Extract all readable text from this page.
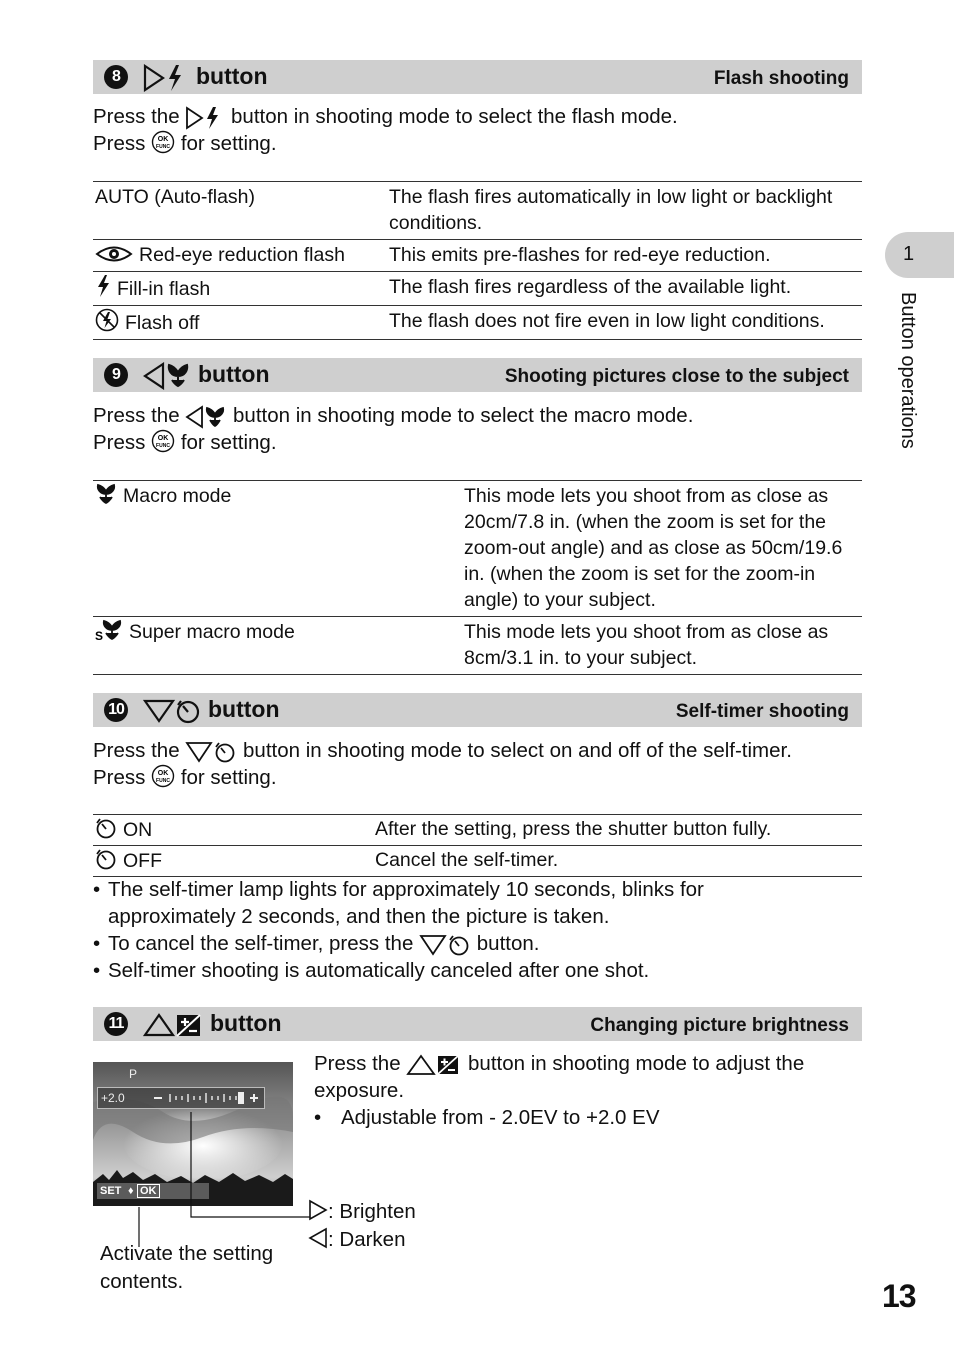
1
Button operations
13
8	button	Flash shooting
Press the	button in shooting mode to select the flash mode.
Press OK
FUNC for setting.
AUTO (Auto-flash)	The flash fires automatically in low light or backlight
conditions.

Red-eye reduction flash	This emits pre-flashes for red-eye reduction.

Fill-in flash	The flash fires regardless of the available light.

Flash off	The flash does not fire even in low light conditions.
9	button	Shooting pictures close to the subject
Press the	button in shooting mode to select the macro mode.
Press OK
FUNC for setting.
Macro mode	This mode lets you shoot from as close as
20cm/7.8 in. (when the zoom is set for the
zoom-out angle) and as close as 50cm/19.6
in. (when the zoom is set for the zoom-in
angle) to your subject.

S Super macro mode	This mode lets you shoot from as close as
8cm/3.1 in. to your subject.
10	button	Self-timer shooting
Press the	button in shooting mode to select on and off of the self-timer.
Press OK
FUNC for setting.
ON	After the setting, press the shutter button fully.

OFF	Cancel the self-timer.
• The self-timer lamp lights for approximately 10 seconds, blinks for
approximately 2 seconds, and then the picture is taken.
• To cancel the self-timer, press the	button.
• Self-timer shooting is automatically canceled after one shot.
11	button	Changing picture brightness
P
+2.0
SET ♦ OK
Press the	button in shooting mode to adjust the
exposure.
• Adjustable from - 2.0EV to +2.0 EV
: Brighten
: Darken
Activate the setting
contents.
